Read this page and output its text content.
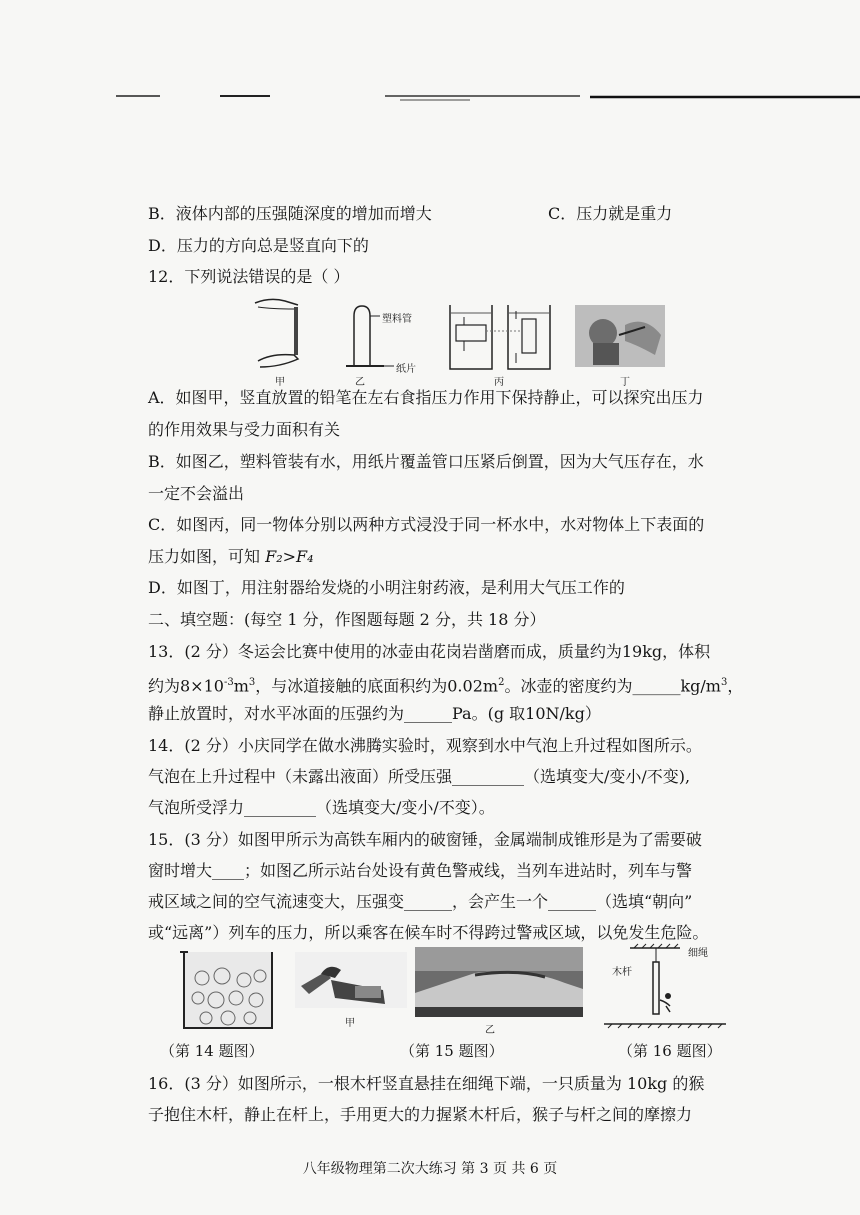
B．液体内部的压强随深度的增加而增大	C．压力就是重力
D．压力的方向总是竖直向下的
12．下列说法错误的是（ ）
甲
塑料管
纸片
乙	丙	丁
A．如图甲，竖直放置的铅笔在左右食指压力作用下保持静止，可以探究出压力
的作用效果与受力面积有关
B．如图乙，塑料管装有水，用纸片覆盖管口压紧后倒置，因为大气压存在，水
一定不会溢出
C．如图丙，同一物体分别以两种方式浸没于同一杯水中，水对物体上下表面的
压力如图，可知 F₂>F₄
D．如图丁，用注射器给发烧的小明注射药液，是利用大气压工作的
二、填空题：(每空 1 分，作图题每题 2 分，共 18 分）
13．(2 分）冬运会比赛中使用的冰壶由花岗岩凿磨而成，质量约为19kg，体积
约为$8\times 10^{-3}m^3$，与冰道接触的底面积约为$0.02m^2$。冰壶的密度约为$\_\_\_\_\_\_kg/m^3$，
静止放置时，对水平冰面的压强约为______Pa。(g 取10N/kg）
14．(2 分）小庆同学在做水沸腾实验时，观察到水中气泡上升过程如图所示。
气泡在上升过程中（未露出液面）所受压强_________（选填变大/变小/不变),
气泡所受浮力_________（选填变大/变小/不变）。
15．(3 分）如图甲所示为高铁车厢内的破窗锤，金属端制成锥形是为了需要破
窗时增大____；如图乙所示站台处设有黄色警戒线，当列车进站时，列车与警
戒区域之间的空气流速变大，压强变______，会产生一个______（选填“朝向”
或“远离”）列车的压力，所以乘客在候车时不得跨过警戒区域，以免发生危险。
甲
乙
细绳
木杆
（第 14 题图）	（第 15 题图）	（第 16 题图）
16．(3 分）如图所示，一根木杆竖直悬挂在细绳下端，一只质量为 10kg 的猴
子抱住木杆，静止在杆上，手用更大的力握紧木杆后，猴子与杆之间的摩擦力
八年级物理第二次大练习 第 3 页 共 6 页
